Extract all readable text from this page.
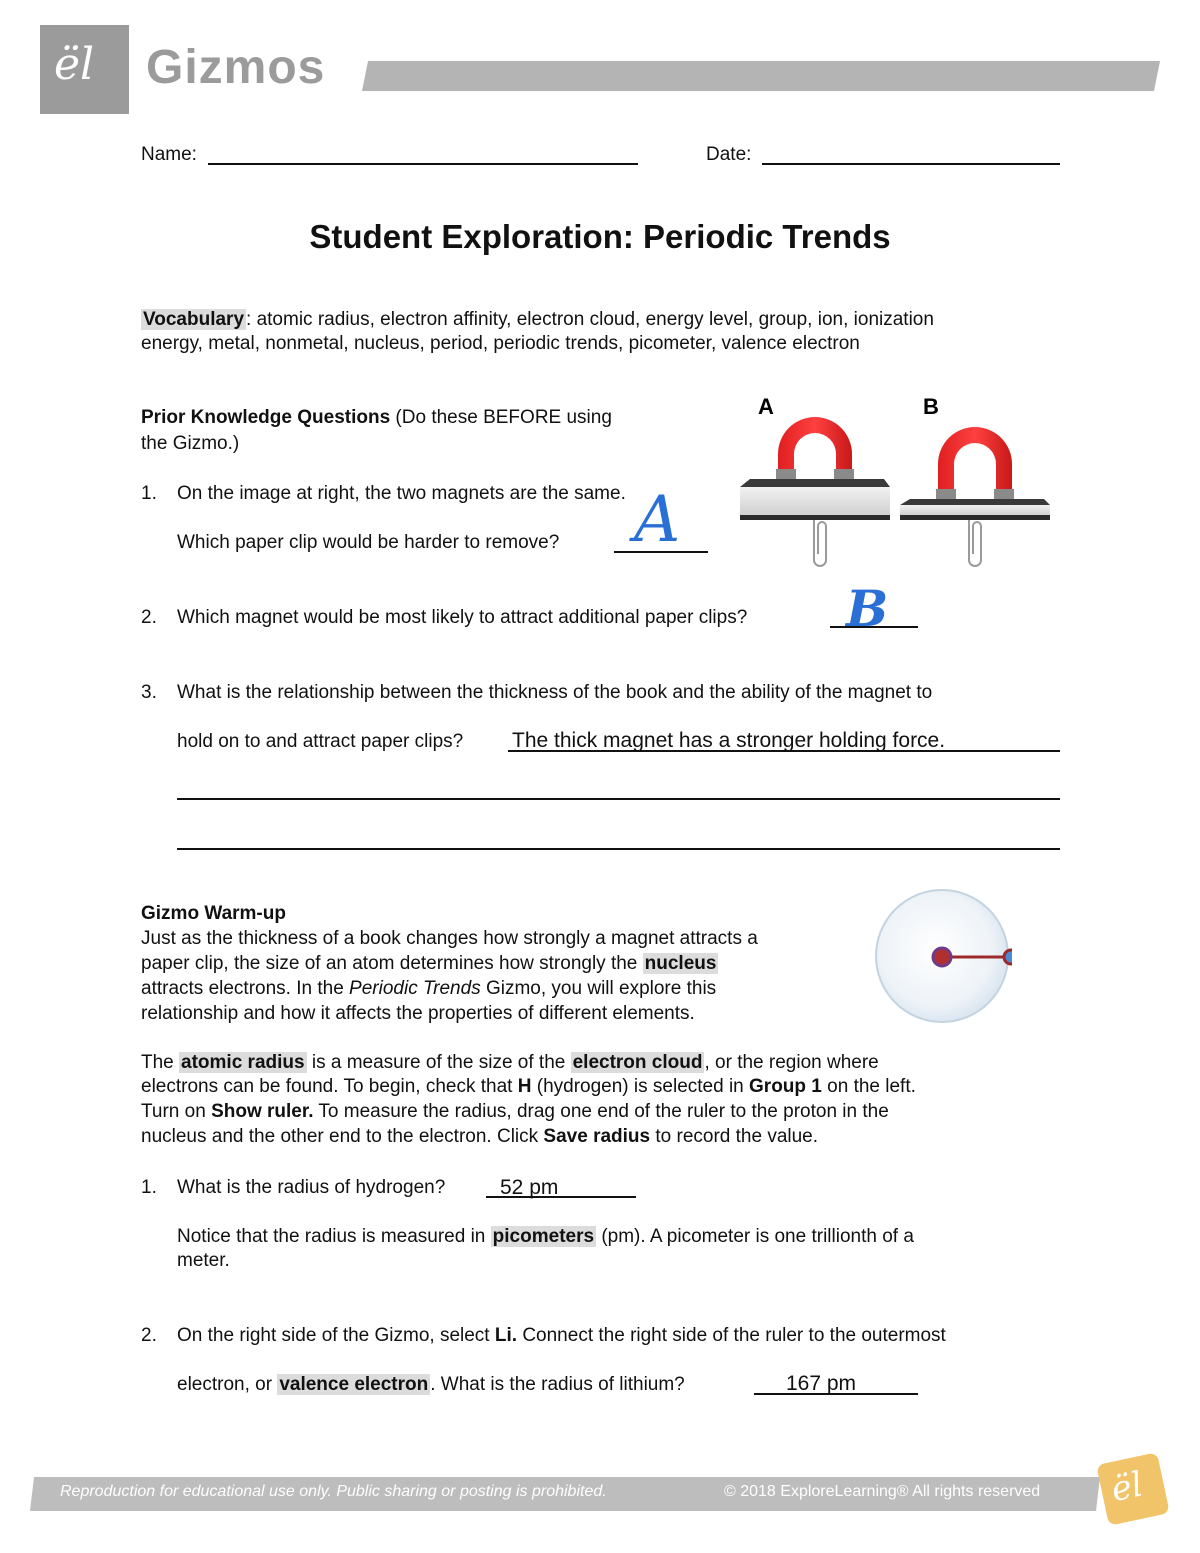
ël Gizmos
Name:	Date:
Student Exploration: Periodic Trends
Vocabulary : atomic radius, electron affinity, electron cloud, energy level, group, ion, ionization
energy, metal, nonmetal, nucleus, period, periodic trends, picometer, valence electron
Prior Knowledge Questions (Do these BEFORE using
the Gizmo.)
1. On the image at right, the two magnets are the same.
Which paper clip would be harder to remove? A
2. Which magnet would be most likely to attract additional paper clips? B
3. What is the relationship between the thickness of the book and the ability of the magnet to
hold on to and attract paper clips? The thick magnet has a stronger holding force.
A	B
Gizmo Warm-up
Just as the thickness of a book changes how strongly a magnet attracts a
paper clip, the size of an atom determines how strongly the nucleus
attracts electrons. In the Periodic Trends Gizmo, you will explore this
relationship and how it affects the properties of different elements.
The atomic radius is a measure of the size of the electron cloud , or the region where
electrons can be found. To begin, check that H (hydrogen) is selected in Group 1 on the left.
Turn on Show ruler. To measure the radius, drag one end of the ruler to the proton in the
nucleus and the other end to the electron. Click Save radius to record the value.
1. What is the radius of hydrogen?	52 pm
Notice that the radius is measured in picometers (pm). A picometer is one trillionth of a
meter.
2. On the right side of the Gizmo, select Li. Connect the right side of the ruler to the outermost
electron, or valence electron . What is the radius of lithium?	167 pm
Reproduction for educational use only. Public sharing or posting is prohibited.	© 2018 ExploreLearning® All rights reserved ël
